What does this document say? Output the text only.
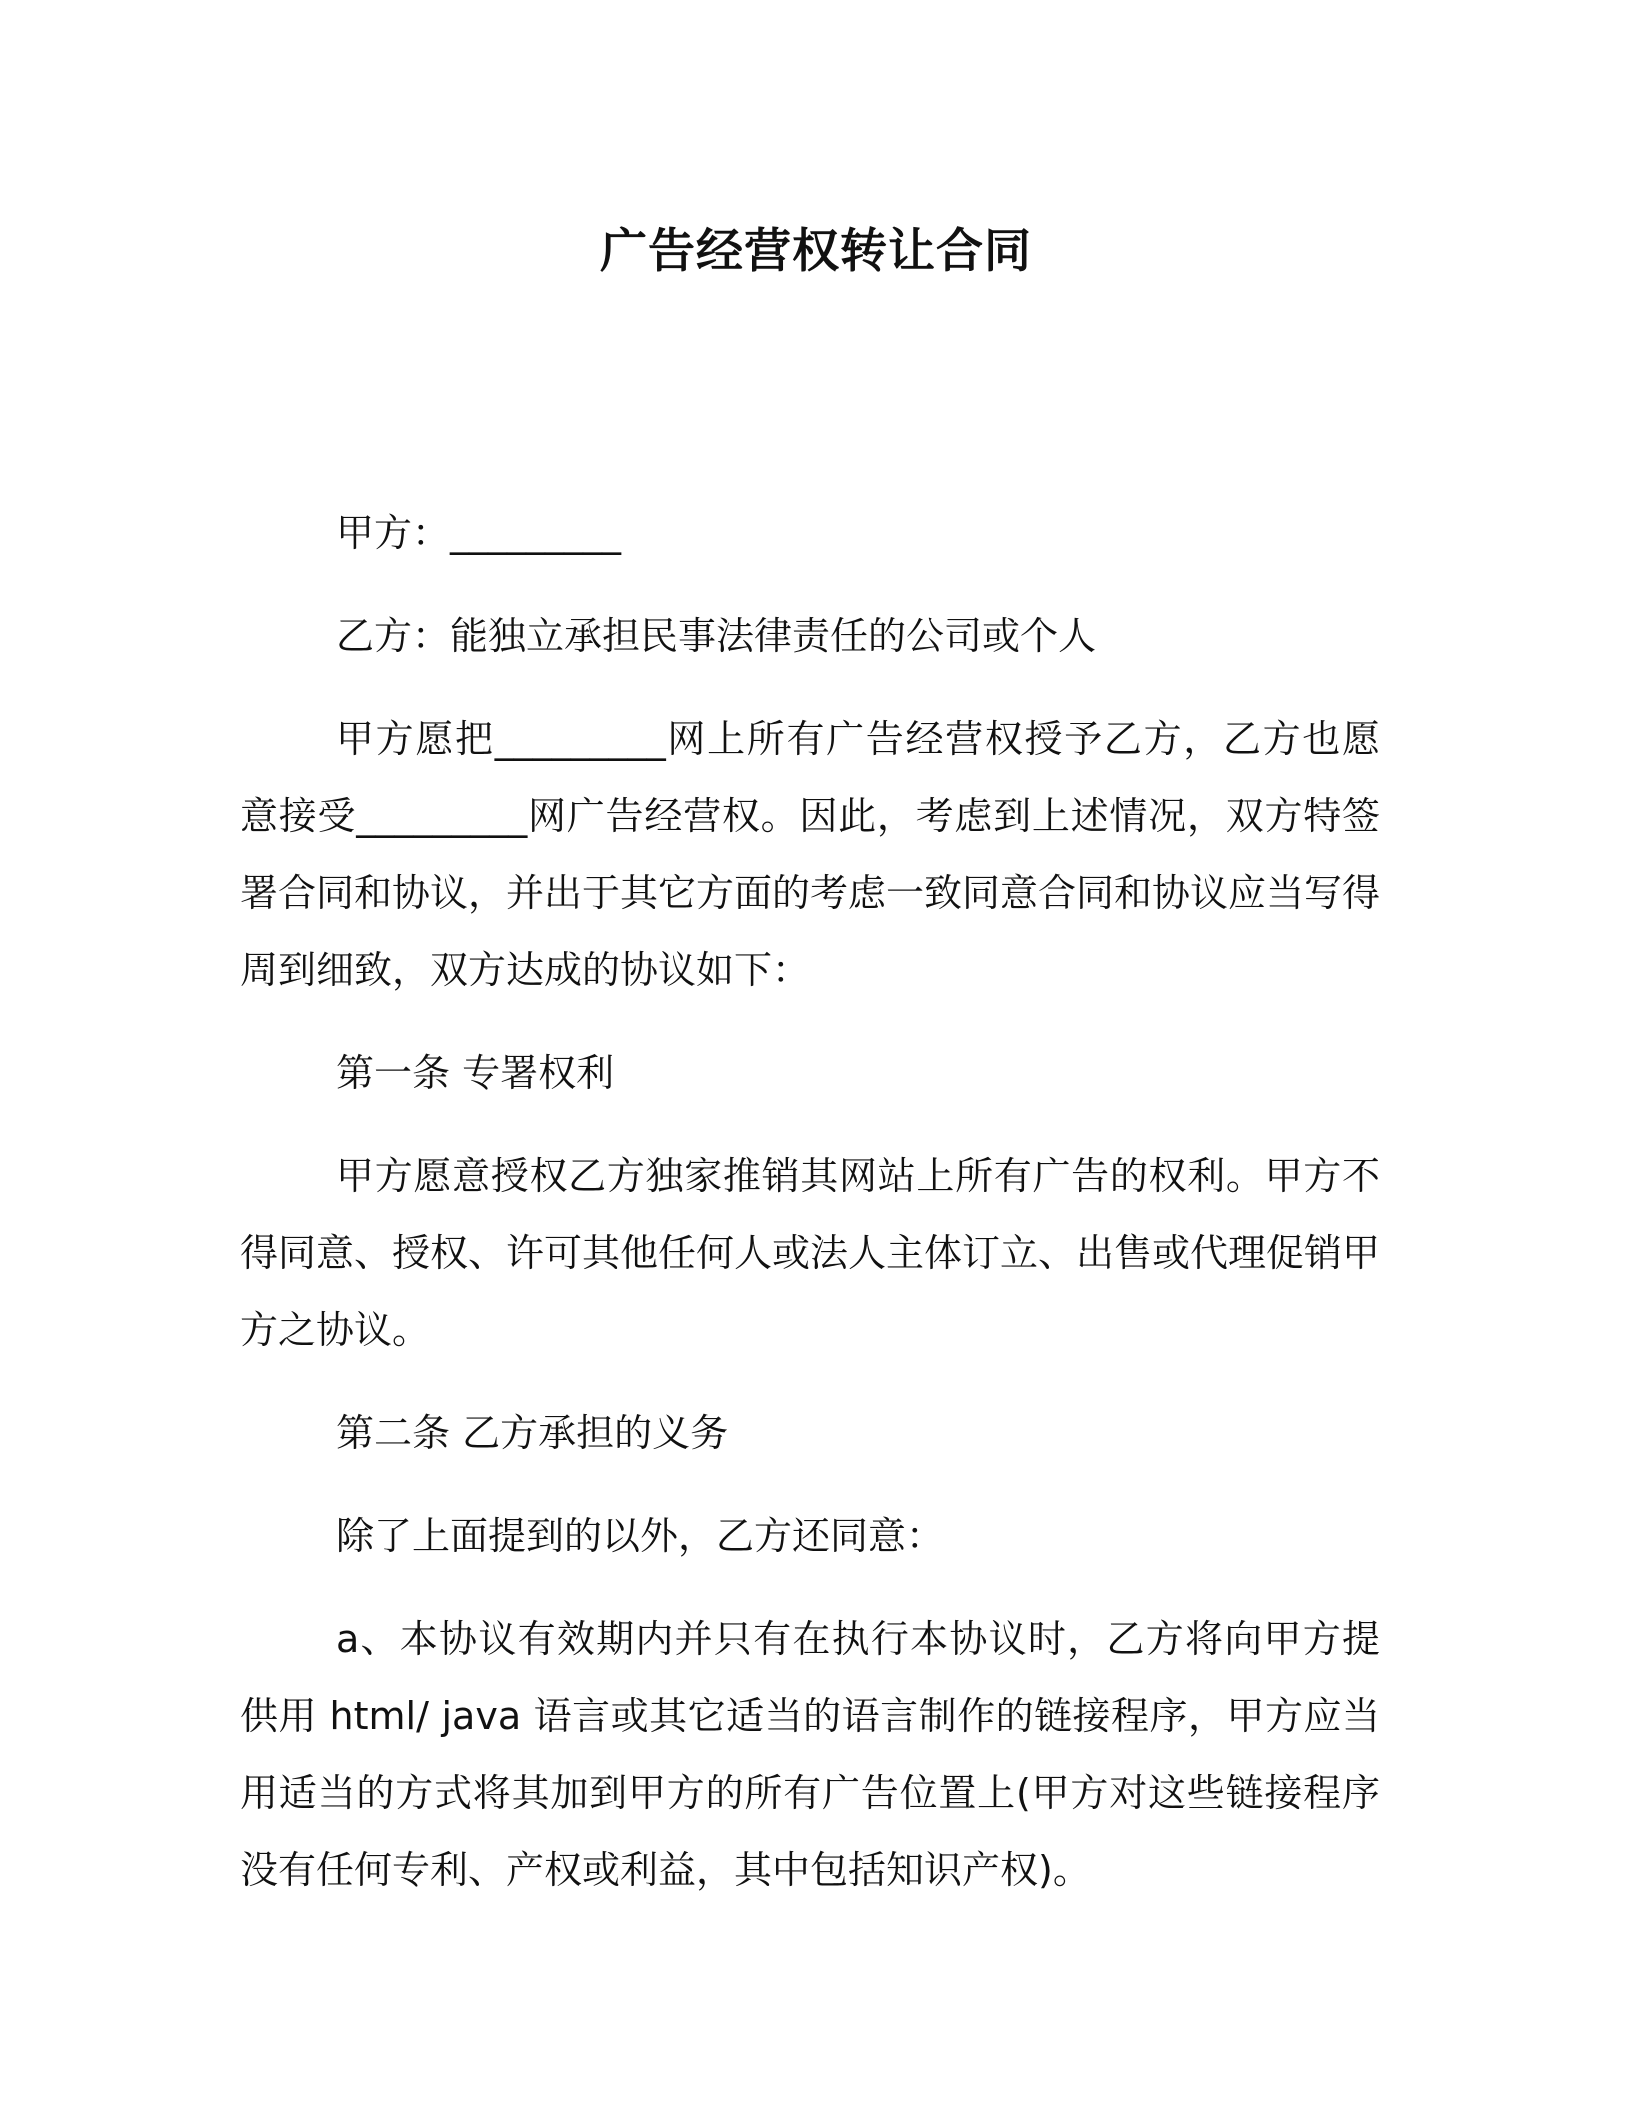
广告经营权转让合同

甲方：_________

乙方：能独立承担民事法律责任的公司或个人

甲方愿把_________网上所有广告经营权授予乙方，乙方也愿意接受_________网广告经营权。因此，考虑到上述情况，双方特签署合同和协议，并出于其它方面的考虑一致同意合同和协议应当写得周到细致，双方达成的协议如下：

第一条 专署权利

甲方愿意授权乙方独家推销其网站上所有广告的权利。甲方不得同意、授权、许可其他任何人或法人主体订立、出售或代理促销甲方之协议。

第二条 乙方承担的义务

除了上面提到的以外，乙方还同意：

a、本协议有效期内并只有在执行本协议时，乙方将向甲方提供用 html/ java 语言或其它适当的语言制作的链接程序，甲方应当用适当的方式将其加到甲方的所有广告位置上(甲方对这些链接程序没有任何专利、产权或利益，其中包括知识产权)。
